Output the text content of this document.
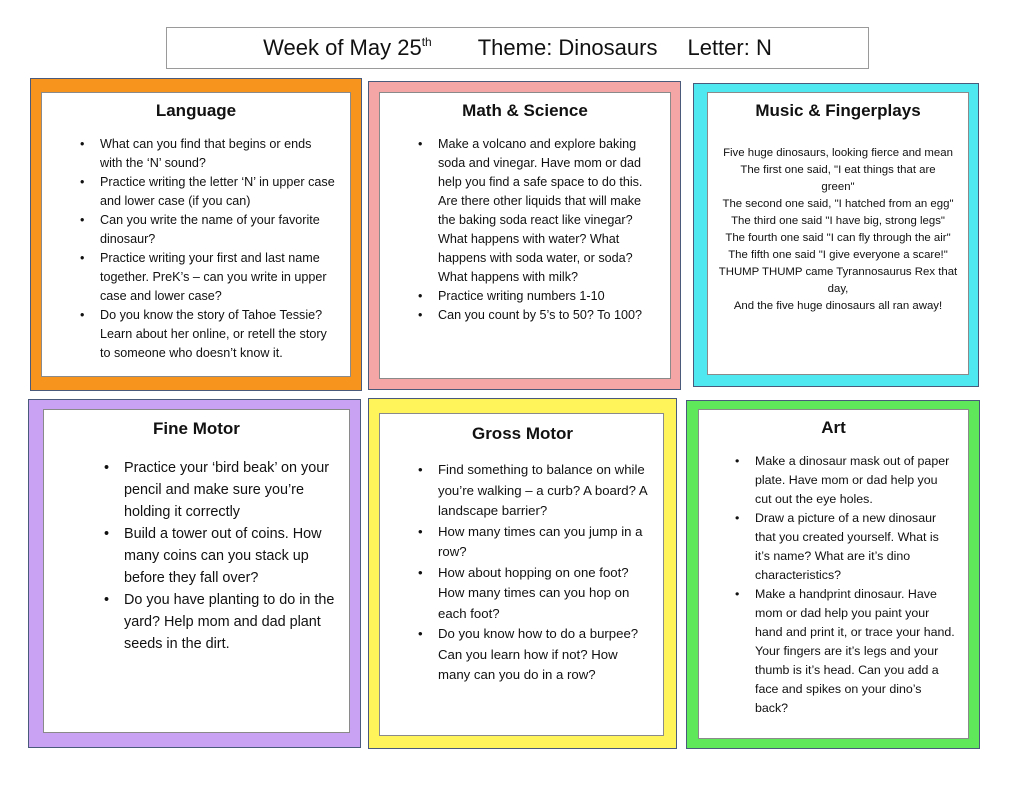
Week of May 25th Theme: Dinosaurs Letter: N
Language
• What can you find that begins or ends with the ‘N’ sound?
• Practice writing the letter ‘N’ in upper case and lower case (if you can)
• Can you write the name of your favorite dinosaur?
• Practice writing your first and last name together. PreK’s – can you write in upper case and lower case?
• Do you know the story of Tahoe Tessie? Learn about her online, or retell the story to someone who doesn’t know it.
Math & Science
• Make a volcano and explore baking soda and vinegar. Have mom or dad help you find a safe space to do this. Are there other liquids that will make the baking soda react like vinegar? What happens with water? What happens with soda water, or soda? What happens with milk?
• Practice writing numbers 1-10
• Can you count by 5’s to 50? To 100?
Music & Fingerplays
Five huge dinosaurs, looking fierce and mean
The first one said, "I eat things that are
green"
The second one said, "I hatched from an egg"
The third one said "I have big, strong legs"
The fourth one said "I can fly through the air"
The fifth one said "I give everyone a scare!"
THUMP THUMP came Tyrannosaurus Rex that
day,
And the five huge dinosaurs all ran away!
Fine Motor
• Practice your ‘bird beak’ on your pencil and make sure you’re holding it correctly
• Build a tower out of coins. How many coins can you stack up before they fall over?
• Do you have planting to do in the yard? Help mom and dad plant seeds in the dirt.
Gross Motor
• Find something to balance on while you’re walking – a curb? A board? A landscape barrier?
• How many times can you jump in a row?
• How about hopping on one foot? How many times can you hop on each foot?
• Do you know how to do a burpee? Can you learn how if not? How many can you do in a row?
Art
• Make a dinosaur mask out of paper plate. Have mom or dad help you cut out the eye holes.
• Draw a picture of a new dinosaur that you created yourself. What is it’s name? What are it’s dino characteristics?
• Make a handprint dinosaur. Have mom or dad help you paint your hand and print it, or trace your hand. Your fingers are it’s legs and your thumb is it’s head. Can you add a face and spikes on your dino’s back?
